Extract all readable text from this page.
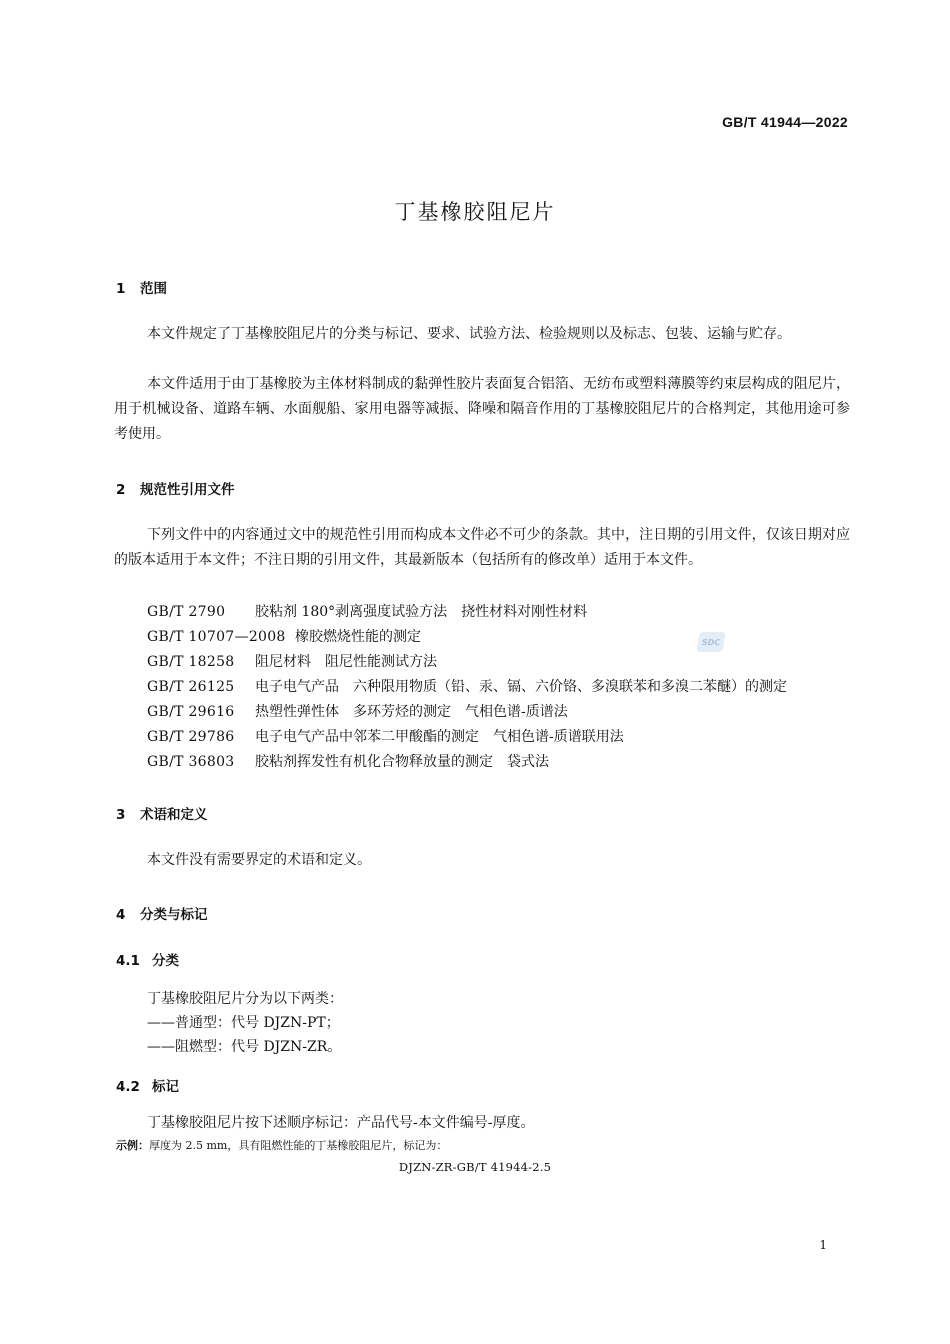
GB/T 41944—2022
丁基橡胶阻尼片
1 范围

本文件规定了丁基橡胶阻尼片的分类与标记、要求、试验方法、检验规则以及标志、包装、运输与贮存。

本文件适用于由丁基橡胶为主体材料制成的黏弹性胶片表面复合铝箔、无纺布或塑料薄膜等约束层构成的阻尼片，用于机械设备、道路车辆、水面舰船、家用电器等减振、降噪和隔音作用的丁基橡胶阻尼片的合格判定，其他用途可参考使用。

2 规范性引用文件

下列文件中的内容通过文中的规范性引用而构成本文件必不可少的条款。其中，注日期的引用文件，仅该日期对应的版本适用于本文件；不注日期的引用文件，其最新版本（包括所有的修改单）适用于本文件。

GB/T 2790 胶粘剂 180°剥离强度试验方法　挠性材料对刚性材料
GB/T 10707—2008 橡胶燃烧性能的测定
GB/T 18258 阻尼材料　阻尼性能测试方法
GB/T 26125 电子电气产品　六种限用物质（铅、汞、镉、六价铬、多溴联苯和多溴二苯醚）的测定
GB/T 29616 热塑性弹性体　多环芳烃的测定　气相色谱-质谱法
GB/T 29786 电子电气产品中邻苯二甲酸酯的测定　气相色谱-质谱联用法
GB/T 36803 胶粘剂挥发性有机化合物释放量的测定　袋式法
3 术语和定义

本文件没有需要界定的术语和定义。

4 分类与标记
4.1 分类
丁基橡胶阻尼片分为以下两类：
——普通型：代号 DJZN-PT；
——阻燃型：代号 DJZN-ZR。
4.2 标记
丁基橡胶阻尼片按下述顺序标记：产品代号-本文件编号-厚度。
示例：厚度为 2.5 mm，具有阻燃性能的丁基橡胶阻尼片，标记为：
DJZN-ZR-GB/T 41944-2.5
SDC
1
